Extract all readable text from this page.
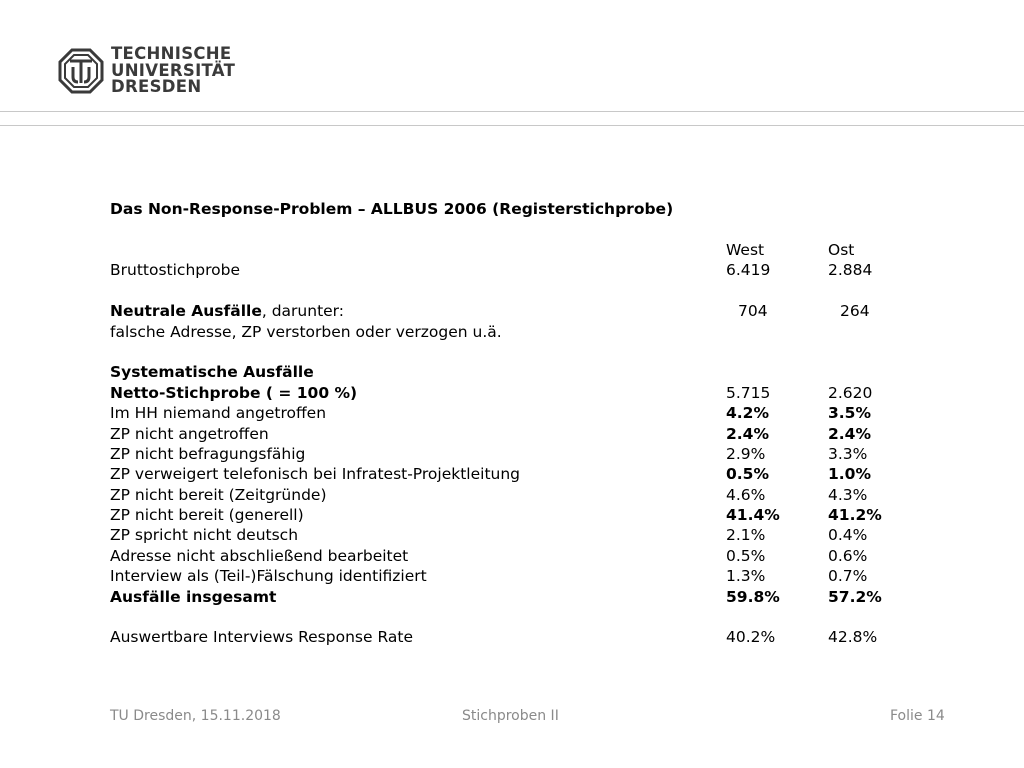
TECHNISCHE
UNIVERSITÄT
DRESDEN
Das Non-Response-Problem – ALLBUS 2006 (Registerstichprobe)
West	Ost
Bruttostichprobe	6.419	2.884
Neutrale Ausfälle, darunter:	704	264
falsche Adresse, ZP verstorben oder verzogen u.ä.
Systematische Ausfälle
Netto-Stichprobe ( = 100 %)	5.715	2.620
Im HH niemand angetroffen	4.2%	3.5%
ZP nicht angetroffen	2.4%	2.4%
ZP nicht befragungsfähig	2.9%	3.3%
ZP verweigert telefonisch bei Infratest-Projektleitung	0.5%	1.0%
ZP nicht bereit (Zeitgründe)	4.6%	4.3%
ZP nicht bereit (generell)	41.4%	41.2%
ZP spricht nicht deutsch	2.1%	0.4%
Adresse nicht abschließend bearbeitet	0.5%	0.6%
Interview als (Teil-)Fälschung identifiziert	1.3%	0.7%
Ausfälle insgesamt	59.8%	57.2%
Auswertbare Interviews Response Rate	40.2%	42.8%
TU Dresden, 15.11.2018	Stichproben II	Folie 14
